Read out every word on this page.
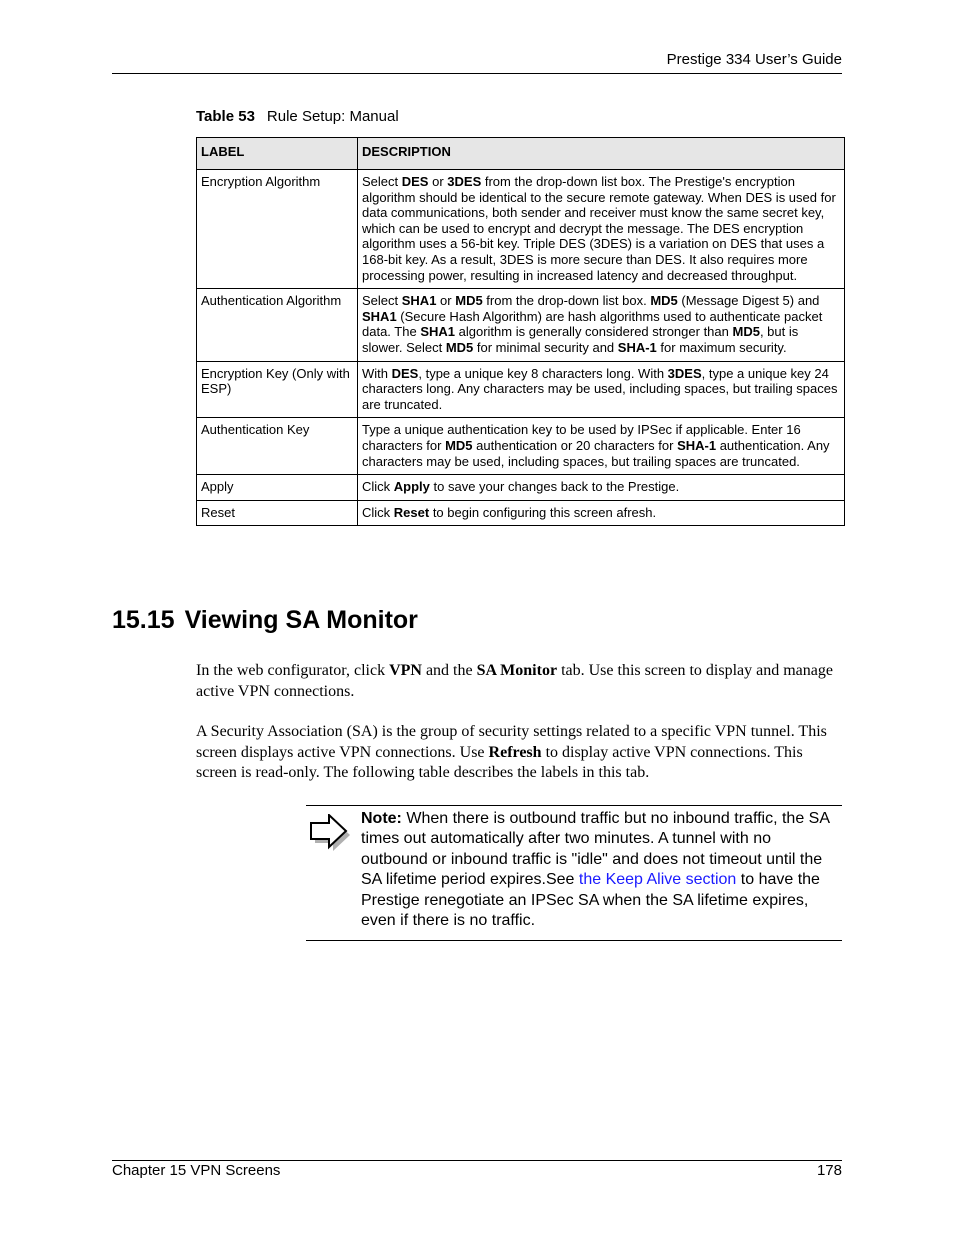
Prestige 334 User’s Guide
Table 53 Rule Setup: Manual
LABEL	DESCRIPTION
Encryption Algorithm	Select DES or 3DES from the drop-down list box. The Prestige's encryption algorithm should be identical to the secure remote gateway. When DES is used for data communications, both sender and receiver must know the same secret key, which can be used to encrypt and decrypt the message. The DES encryption algorithm uses a 56-bit key. Triple DES (3DES) is a variation on DES that uses a 168-bit key. As a result, 3DES is more secure than DES. It also requires more processing power, resulting in increased latency and decreased throughput.
Authentication Algorithm	Select SHA1 or MD5 from the drop-down list box. MD5 (Message Digest 5) and SHA1 (Secure Hash Algorithm) are hash algorithms used to authenticate packet data. The SHA1 algorithm is generally considered stronger than MD5, but is slower. Select MD5 for minimal security and SHA-1 for maximum security.
Encryption Key (Only with ESP)	With DES, type a unique key 8 characters long. With 3DES, type a unique key 24 characters long. Any characters may be used, including spaces, but trailing spaces are truncated.
Authentication Key	Type a unique authentication key to be used by IPSec if applicable. Enter 16 characters for MD5 authentication or 20 characters for SHA-1 authentication. Any characters may be used, including spaces, but trailing spaces are truncated.
Apply	Click Apply to save your changes back to the Prestige.
Reset	Click Reset to begin configuring this screen afresh.
15.15 Viewing SA Monitor
In the web configurator, click VPN and the SA Monitor tab. Use this screen to display and manage active VPN connections.
A Security Association (SA) is the group of security settings related to a specific VPN tunnel. This screen displays active VPN connections. Use Refresh to display active VPN connections. This screen is read-only. The following table describes the labels in this tab.
Note: When there is outbound traffic but no inbound traffic, the SA times out automatically after two minutes. A tunnel with no outbound or inbound traffic is "idle" and does not timeout until the SA lifetime period expires.See the Keep Alive section to have the Prestige renegotiate an IPSec SA when the SA lifetime expires, even if there is no traffic.
Chapter 15 VPN Screens	178
